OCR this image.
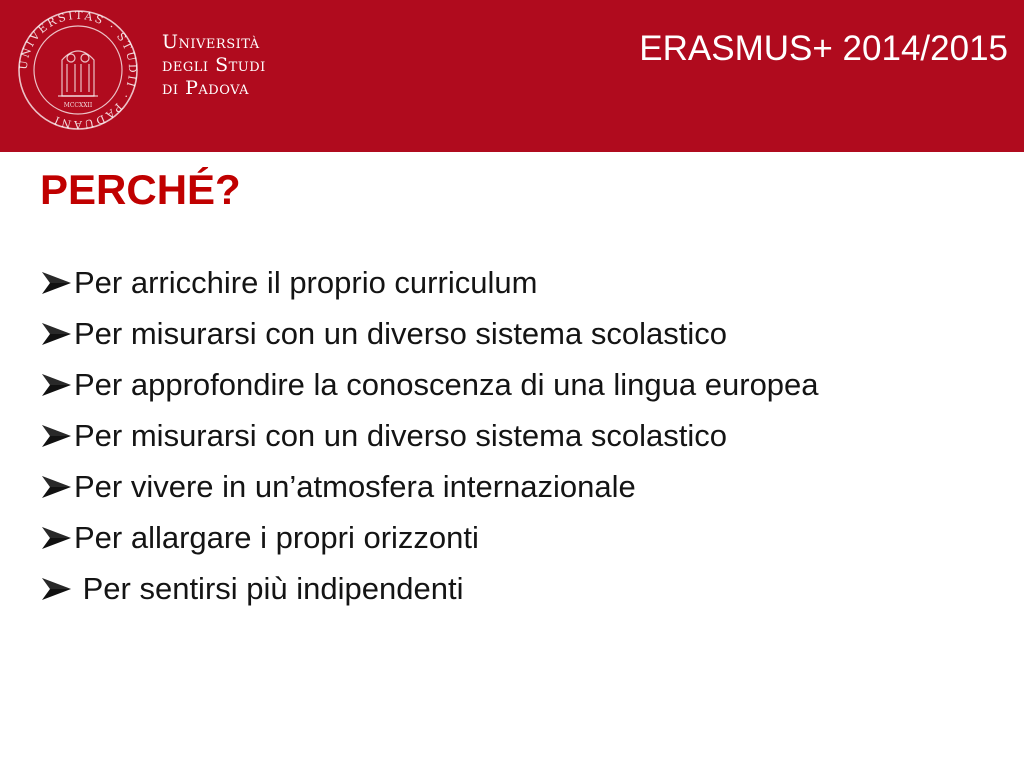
UNIVERSITAS · STUDII · PADUANI
MCCXXII
Università
degli Studi
di Padova
ERASMUS+ 2014/2015
PERCHÉ?
Per arricchire il proprio curriculum
Per misurarsi con un diverso sistema scolastico
Per approfondire la conoscenza di una lingua europea
Per misurarsi con un diverso sistema scolastico
Per vivere in un’atmosfera internazionale
Per allargare i propri orizzonti
Per sentirsi più indipendenti
